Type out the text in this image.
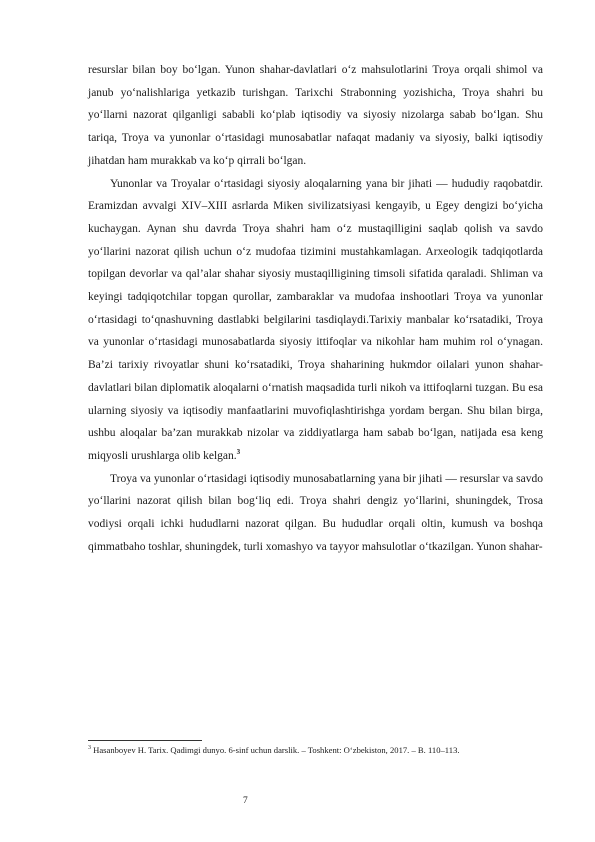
resurslar bilan boy bo‘lgan. Yunon shahar-davlatlari o‘z mahsulotlarini Troya orqali shimol va janub yo‘nalishlariga yetkazib turishgan. Tarixchi Strabonning yozishicha, Troya shahri bu yo‘llarni nazorat qilganligi sababli ko‘plab iqtisodiy va siyosiy nizolarga sabab bo‘lgan. Shu tariqa, Troya va yunonlar o‘rtasidagi munosabatlar nafaqat madaniy va siyosiy, balki iqtisodiy jihatdan ham murakkab va ko‘p qirrali bo‘lgan.

Yunonlar va Troyalar o‘rtasidagi siyosiy aloqalarning yana bir jihati — hududiy raqobatdir. Eramizdan avvalgi XIV–XIII asrlarda Miken sivilizatsiyasi kengayib, u Egey dengizi bo‘yicha kuchaygan. Aynan shu davrda Troya shahri ham o‘z mustaqilligini saqlab qolish va savdo yo‘llarini nazorat qilish uchun o‘z mudofaa tizimini mustahkamlagan. Arxeologik tadqiqotlarda topilgan devorlar va qal’alar shahar siyosiy mustaqilligining timsoli sifatida qaraladi. Shliman va keyingi tadqiqotchilar topgan qurollar, zambaraklar va mudofaa inshootlari Troya va yunonlar o‘rtasidagi to‘qnashuvning dastlabki belgilarini tasdiqlaydi.Tarixiy manbalar ko‘rsatadiki, Troya va yunonlar o‘rtasidagi munosabatlarda siyosiy ittifoqlar va nikohlar ham muhim rol o‘ynagan. Ba’zi tarixiy rivoyatlar shuni ko‘rsatadiki, Troya shaharining hukmdor oilalari yunon shahar-davlatlari bilan diplomatik aloqalarni o‘rnatish maqsadida turli nikoh va ittifoqlarni tuzgan. Bu esa ularning siyosiy va iqtisodiy manfaatlarini muvofiqlashtirishga yordam bergan. Shu bilan birga, ushbu aloqalar ba’zan murakkab nizolar va ziddiyatlarga ham sabab bo‘lgan, natijada esa keng miqyosli urushlarga olib kelgan.$^3$

Troya va yunonlar o‘rtasidagi iqtisodiy munosabatlarning yana bir jihati — resurslar va savdo yo‘llarini nazorat qilish bilan bog‘liq edi. Troya shahri dengiz yo‘llarini, shuningdek, Trosa vodiysi orqali ichki hududlarni nazorat qilgan. Bu hududlar orqali oltin, kumush va boshqa qimmatbaho toshlar, shuningdek, turli xomashyo va tayyor mahsulotlar o‘tkazilgan. Yunon shahar-

$^3$ Hasanboyev H. Tarix. Qadimgi dunyo. 6-sinf uchun darslik. – Toshkent: O‘zbekiston, 2017. – B. 110–113.
7
